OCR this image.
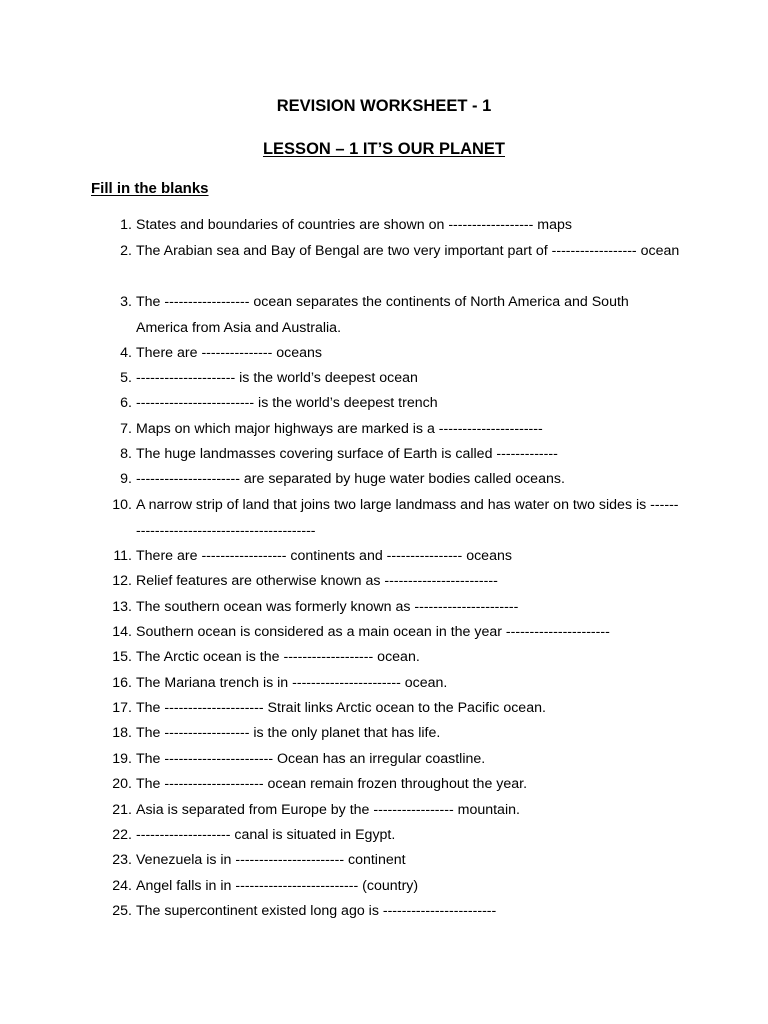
REVISION WORKSHEET - 1
LESSON – 1 IT’S OUR PLANET
Fill in the blanks
1. States and boundaries of countries are shown on ------------------ maps
2. The Arabian sea and Bay of Bengal are two very important part of ------------------ ocean
3. The ------------------ ocean separates the continents of North America and South America from Asia and Australia.
4. There are --------------- oceans
5. --------------------- is the world’s deepest ocean
6. ------------------------- is the world’s deepest trench
7. Maps on which major highways are marked is a ----------------------
8. The huge landmasses covering surface of Earth is called -------------
9. ---------------------- are separated by huge water bodies called oceans.
10. A narrow strip of land that joins two large landmass and has water on two sides is --------------------------------------------
11. There are ------------------ continents and ---------------- oceans
12. Relief features are otherwise known as ------------------------
13. The southern ocean was formerly known as ----------------------
14. Southern ocean is considered as a main ocean in the year ----------------------
15. The Arctic ocean is the ------------------- ocean.
16. The Mariana trench is in ----------------------- ocean.
17. The --------------------- Strait links Arctic ocean to the Pacific ocean.
18. The ------------------ is the only planet that has life.
19. The ----------------------- Ocean has an irregular coastline.
20. The --------------------- ocean remain frozen throughout the year.
21. Asia is separated from Europe by the ----------------- mountain.
22. -------------------- canal is situated in Egypt.
23. Venezuela is in ----------------------- continent
24. Angel falls in in -------------------------- (country)
25. The supercontinent existed long ago is ------------------------
